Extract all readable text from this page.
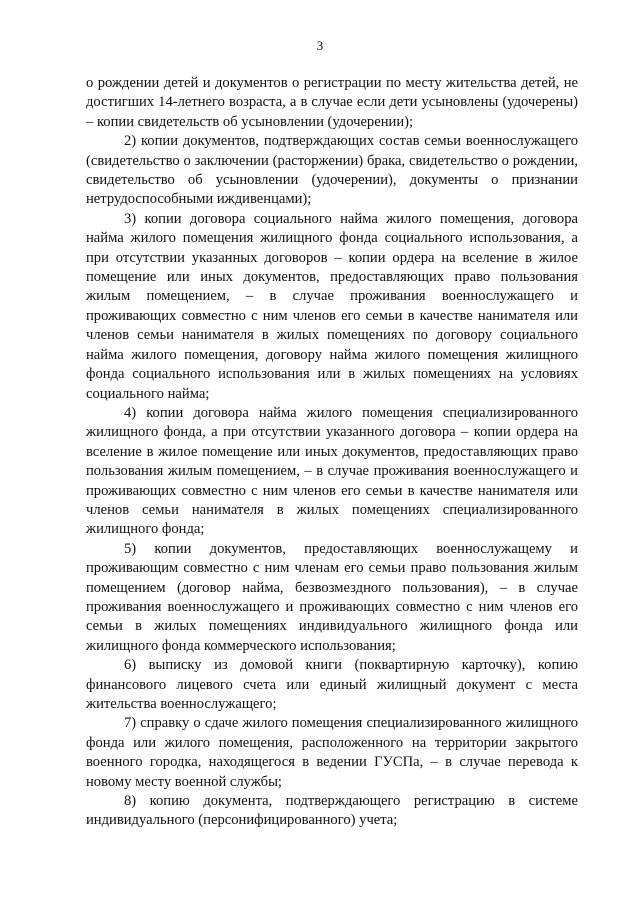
3

о рождении детей и документов о регистрации по месту жительства детей, не достигших 14-летнего возраста, а в случае если дети усыновлены (удочерены) – копии свидетельств об усыновлении (удочерении);

2) копии документов, подтверждающих состав семьи военнослужащего (свидетельство о заключении (расторжении) брака, свидетельство о рождении, свидетельство об усыновлении (удочерении), документы о признании нетрудоспособными иждивенцами);

3) копии договора социального найма жилого помещения, договора найма жилого помещения жилищного фонда социального использования, а при отсутствии указанных договоров – копии ордера на вселение в жилое помещение или иных документов, предоставляющих право пользования жилым помещением, – в случае проживания военнослужащего и проживающих совместно с ним членов его семьи в качестве нанимателя или членов семьи нанимателя в жилых помещениях по договору социального найма жилого помещения, договору найма жилого помещения жилищного фонда социального использования или в жилых помещениях на условиях социального найма;

4) копии договора найма жилого помещения специализированного жилищного фонда, а при отсутствии указанного договора – копии ордера на вселение в жилое помещение или иных документов, предоставляющих право пользования жилым помещением, – в случае проживания военнослужащего и проживающих совместно с ним членов его семьи в качестве нанимателя или членов семьи нанимателя в жилых помещениях специализированного жилищного фонда;

5) копии документов, предоставляющих военнослужащему и проживающим совместно с ним членам его семьи право пользования жилым помещением (договор найма, безвозмездного пользования), – в случае проживания военнослужащего и проживающих совместно с ним членов его семьи в жилых помещениях индивидуального жилищного фонда или жилищного фонда коммерческого использования;

6) выписку из домовой книги (поквартирную карточку), копию финансового лицевого счета или единый жилищный документ с места жительства военнослужащего;

7) справку о сдаче жилого помещения специализированного жилищного фонда или жилого помещения, расположенного на территории закрытого военного городка, находящегося в ведении ГУСПа, – в случае перевода к новому месту военной службы;

8) копию документа, подтверждающего регистрацию в системе индивидуального (персонифицированного) учета;
